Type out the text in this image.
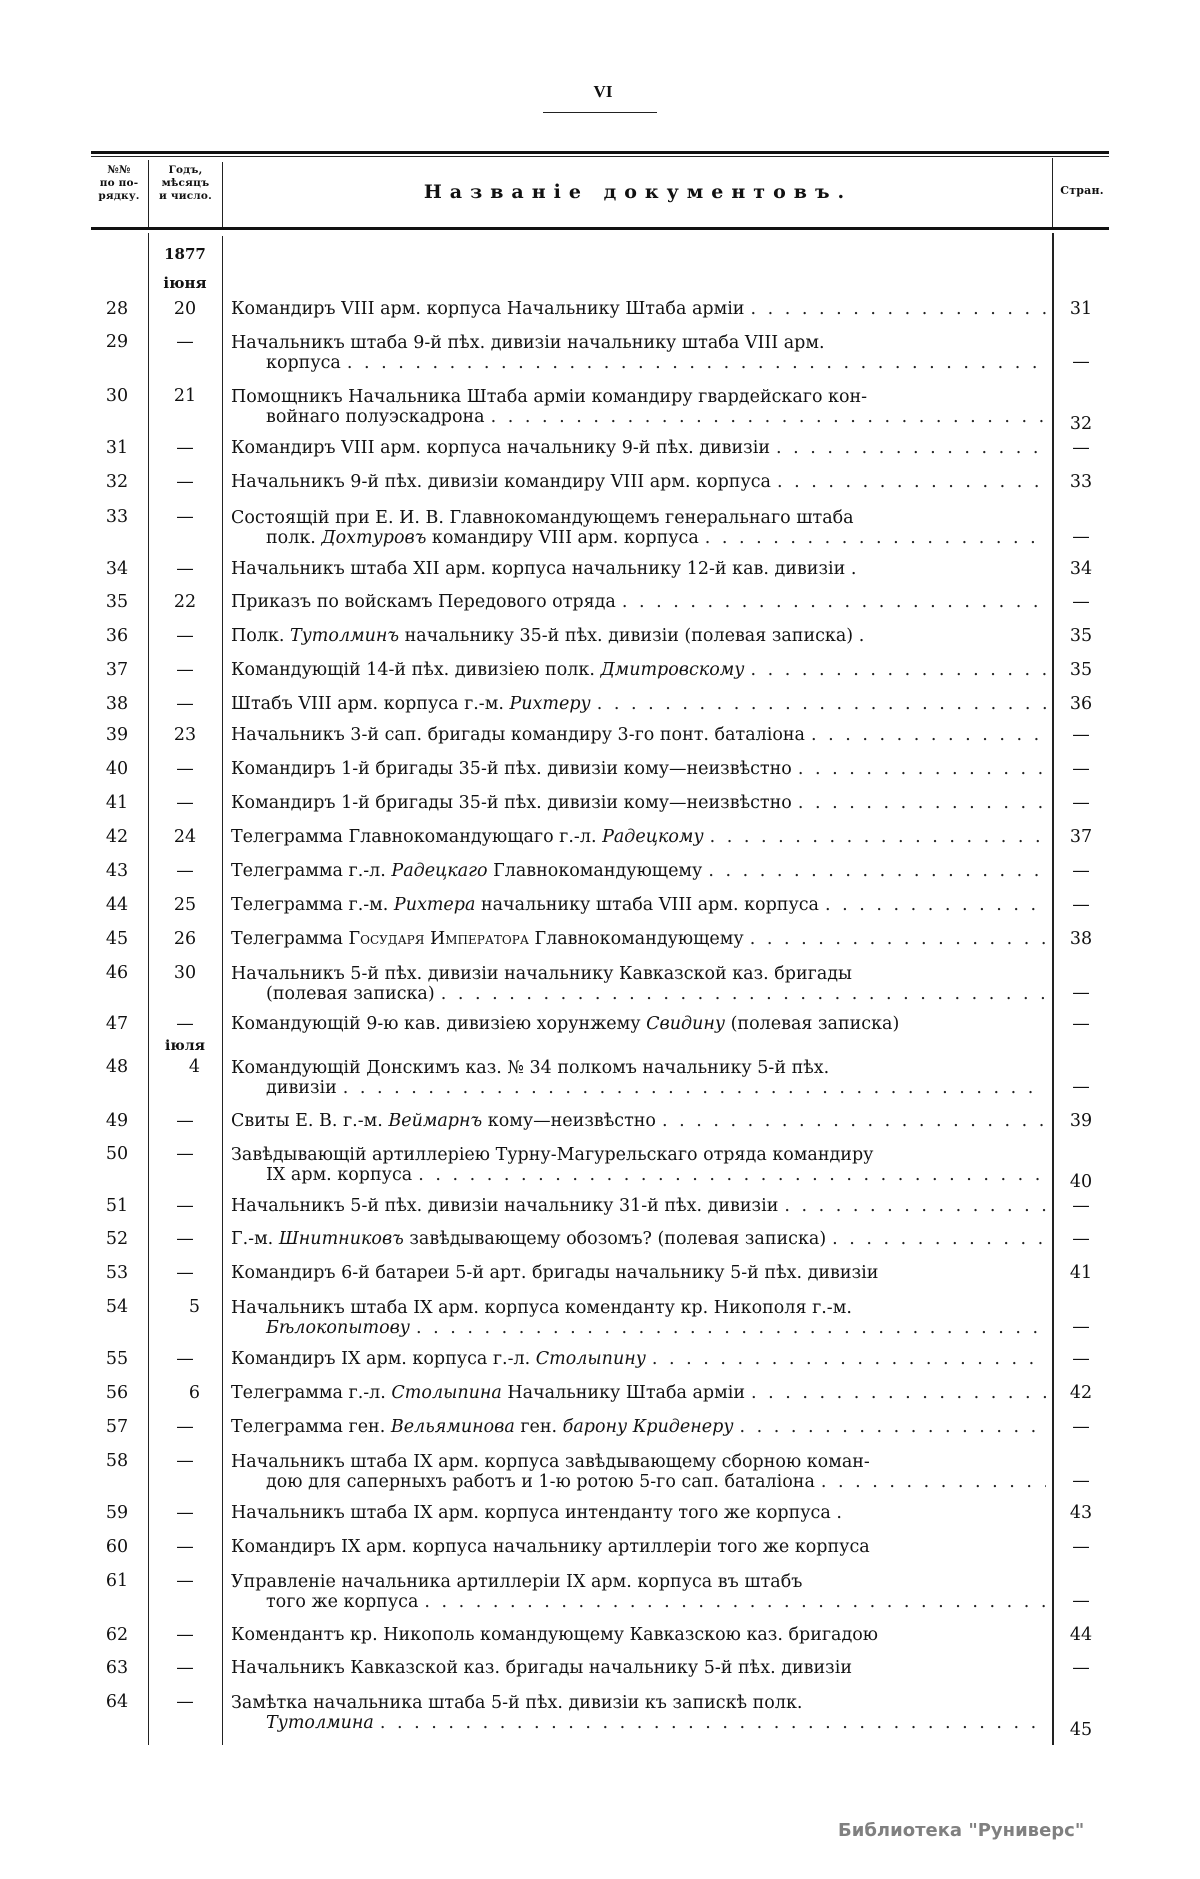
VI
№№
по по-
рядку.
Годъ,
мѣсяцъ
и число.	Названіе документовъ.	Стран.
1877
іюня
іюля
28	20	Командиръ VIII арм. корпуса Начальнику Штаба арміи . . .	31
29	—	Начальникъ штаба 9-й пѣх. дивизіи начальнику штаба VIII арм.
корпуса . . .	—
30	21	Помощникъ Начальника Штаба арміи командиру гвардейскаго кон-
войнаго полуэскадрона . . .	32
31	—	Командиръ VIII арм. корпуса начальнику 9-й пѣх. дивизіи . . .	—
32	—	Начальникъ 9-й пѣх. дивизіи командиру VIII арм. корпуса . . .	33
33	—	Состоящій при Е. И. В. Главнокомандующемъ генеральнаго штаба
полк. Дохтуровъ командиру VIII арм. корпуса . . .	—
34	—	Начальникъ штаба XII арм. корпуса начальнику 12-й кав. дивизіи .	34
35	22	Приказъ по войскамъ Передового отряда . . .	—
36	—	Полк. Тутолминъ начальнику 35-й пѣх. дивизіи (полевая записка) .	35
37	—	Командующій 14-й пѣх. дивизіею полк. Дмитровскому . . .	35
38	—	Штабъ VIII арм. корпуса г.-м. Рихтеру . . .	36
39	23	Начальникъ 3-й сап. бригады командиру 3-го понт. баталіона . . .	—
40	—	Командиръ 1-й бригады 35-й пѣх. дивизіи кому—неизвѣстно . . .	—
41	—	Командиръ 1-й бригады 35-й пѣх. дивизіи кому—неизвѣстно . . .	—
42	24	Телеграмма Главнокомандующаго г.-л. Радецкому . . .	37
43	—	Телеграмма г.-л. Радецкаго Главнокомандующему . . .	—
44	25	Телеграмма г.-м. Рихтера начальнику штаба VIII арм. корпуса . . .	—
45	26	Телеграмма Государя Императора Главнокомандующему . . .	38
46	30	Начальникъ 5-й пѣх. дивизіи начальнику Кавказской каз. бригады
(полевая записка) . . .	—
47	—	Командующій 9-ю кав. дивизіею хорунжему Свидину (полевая записка)	—
48	4 Командующій Донскимъ каз. № 34 полкомъ начальнику 5-й пѣх.
дивизіи . . .	—
49	—	Свиты Е. В. г.-м. Веймарнъ кому—неизвѣстно . . .	39
50	—	Завѣдывающій артиллеріею Турну-Магурельскаго отряда командиру
IX арм. корпуса . . .	40
51	—	Начальникъ 5-й пѣх. дивизіи начальнику 31-й пѣх. дивизіи . . .	—
52	—	Г.-м. Шнитниковъ завѣдывающему обозомъ? (полевая записка) . . .	—
53	—	Командиръ 6-й батареи 5-й арт. бригады начальнику 5-й пѣх. дивизіи	41
54	5 Начальникъ штаба IX арм. корпуса коменданту кр. Никополя г.-м.
Бѣлокопытову . . .	—
55	—	Командиръ IX арм. корпуса г.-л. Столыпину . . .	—
56	6 Телеграмма г.-л. Столыпина Начальнику Штаба арміи . . .	42
57	—	Телеграмма ген. Вельяминова ген. барону Криденеру . . .	—
58	—	Начальникъ штаба IX арм. корпуса завѣдывающему сборною коман-
дою для саперныхъ работъ и 1-ю ротою 5-го сап. баталіона . . .	—
59	—	Начальникъ штаба IX арм. корпуса интенданту того же корпуса .	43
60	—	Командиръ IX арм. корпуса начальнику артиллеріи того же корпуса	—
61	—	Управленіе начальника артиллеріи IX арм. корпуса въ штабъ
того же корпуса . . .	—
62	—	Комендантъ кр. Никополь командующему Кавказскою каз. бригадою	44
63	—	Начальникъ Кавказской каз. бригады начальнику 5-й пѣх. дивизіи	—
64	—	Замѣтка начальника штаба 5-й пѣх. дивизіи къ запискѣ полк.
Тутолмина . . .	45
Библиотека "Руниверс"
